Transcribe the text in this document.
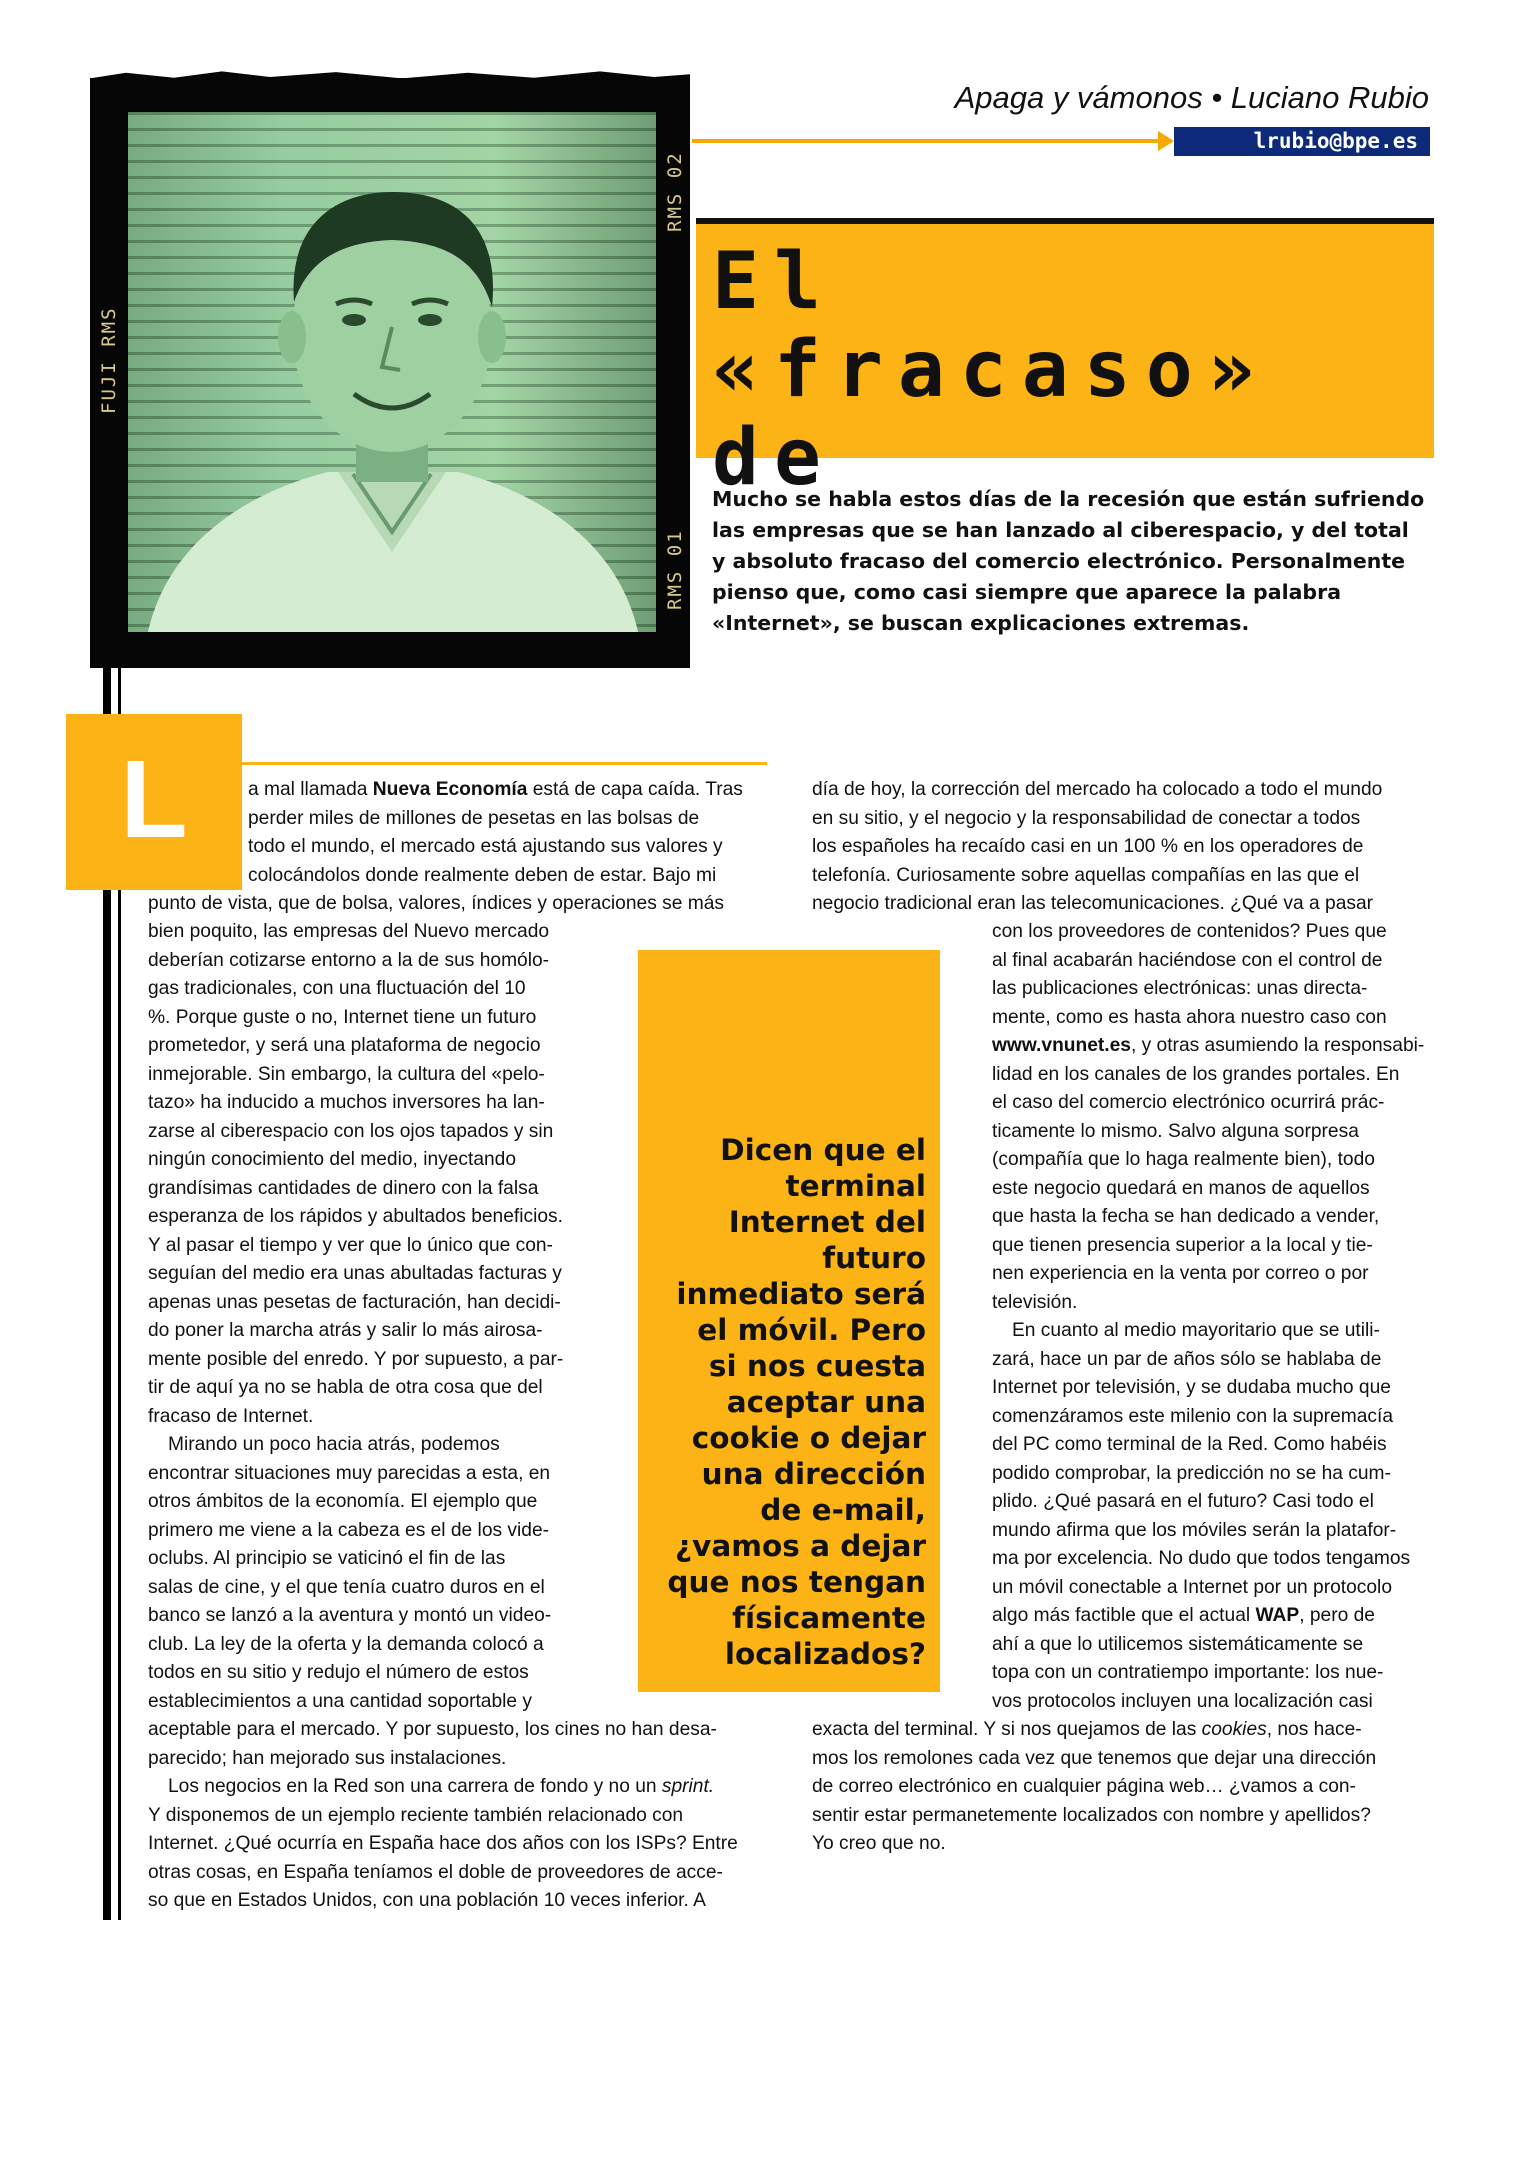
FUJI RMS
RMS 02
RMS 01
Apaga y vámonos • Luciano Rubio
lrubio@bpe.es
El «fracaso» de
Mucho se habla estos días de la recesión que están sufriendo las empresas que se han lanzado al ciberespacio, y del total y absoluto fracaso del comercio electrónico. Personalmente pienso que, como casi siempre que aparece la palabra «Internet», se buscan explicaciones extremas.
L	a mal llamada Nueva Economía está de capa caída. Tras

perder miles de millones de pesetas en las bolsas de

todo el mundo, el mercado está ajustando sus valores y

colocándolos donde realmente deben de estar. Bajo mi

punto de vista, que de bolsa, valores, índices y operaciones se más

bien poquito, las empresas del Nuevo mercado

deberían cotizarse entorno a la de sus homólo-

gas tradicionales, con una fluctuación del 10

%. Porque guste o no, Internet tiene un futuro

prometedor, y será una plataforma de negocio

inmejorable. Sin embargo, la cultura del «pelo-

tazo» ha inducido a muchos inversores ha lan-

zarse al ciberespacio con los ojos tapados y sin

ningún conocimiento del medio, inyectando

grandísimas cantidades de dinero con la falsa

esperanza de los rápidos y abultados beneficios.

Y al pasar el tiempo y ver que lo único que con-

seguían del medio era unas abultadas facturas y

apenas unas pesetas de facturación, han decidi-

do poner la marcha atrás y salir lo más airosa-

mente posible del enredo. Y por supuesto, a par-

tir de aquí ya no se habla de otra cosa que del

fracaso de Internet.

Mirando un poco hacia atrás, podemos

encontrar situaciones muy parecidas a esta, en

otros ámbitos de la economía. El ejemplo que

primero me viene a la cabeza es el de los vide-

oclubs. Al principio se vaticinó el fin de las

salas de cine, y el que tenía cuatro duros en el

banco se lanzó a la aventura y montó un video-

club. La ley de la oferta y la demanda colocó a

todos en su sitio y redujo el número de estos

establecimientos a una cantidad soportable y

aceptable para el mercado. Y por supuesto, los cines no han desa-

parecido; han mejorado sus instalaciones.

Los negocios en la Red son una carrera de fondo y no un sprint.

Y disponemos de un ejemplo reciente también relacionado con

Internet. ¿Qué ocurría en España hace dos años con los ISPs? Entre

otras cosas, en España teníamos el doble de proveedores de acce-

so que en Estados Unidos, con una población 10 veces inferior. A

Dicen que el
terminal
Internet del
futuro
inmediato será
el móvil. Pero
si nos cuesta
aceptar una
cookie o dejar
una dirección
de e-mail,
¿vamos a dejar
que nos tengan
físicamente
localizados?

día de hoy, la corrección del mercado ha colocado a todo el mundo

en su sitio, y el negocio y la responsabilidad de conectar a todos

los españoles ha recaído casi en un 100 % en los operadores de

telefonía. Curiosamente sobre aquellas compañías en las que el

negocio tradicional eran las telecomunicaciones. ¿Qué va a pasar

con los proveedores de contenidos? Pues que

al final acabarán haciéndose con el control de

las publicaciones electrónicas: unas directa-

mente, como es hasta ahora nuestro caso con

www.vnunet.es, y otras asumiendo la responsabi-

lidad en los canales de los grandes portales. En

el caso del comercio electrónico ocurrirá prác-

ticamente lo mismo. Salvo alguna sorpresa

(compañía que lo haga realmente bien), todo

este negocio quedará en manos de aquellos

que hasta la fecha se han dedicado a vender,

que tienen presencia superior a la local y tie-

nen experiencia en la venta por correo o por

televisión.

En cuanto al medio mayoritario que se utili-

zará, hace un par de años sólo se hablaba de

Internet por televisión, y se dudaba mucho que

comenzáramos este milenio con la supremacía

del PC como terminal de la Red. Como habéis

podido comprobar, la predicción no se ha cum-

plido. ¿Qué pasará en el futuro? Casi todo el

mundo afirma que los móviles serán la platafor-

ma por excelencia. No dudo que todos tengamos

un móvil conectable a Internet por un protocolo

algo más factible que el actual WAP, pero de

ahí a que lo utilicemos sistemáticamente se

topa con un contratiempo importante: los nue-

vos protocolos incluyen una localización casi

exacta del terminal. Y si nos quejamos de las cookies, nos hace-

mos los remolones cada vez que tenemos que dejar una dirección

de correo electrónico en cualquier página web… ¿vamos a con-

sentir estar permanetemente localizados con nombre y apellidos?

Yo creo que no.
